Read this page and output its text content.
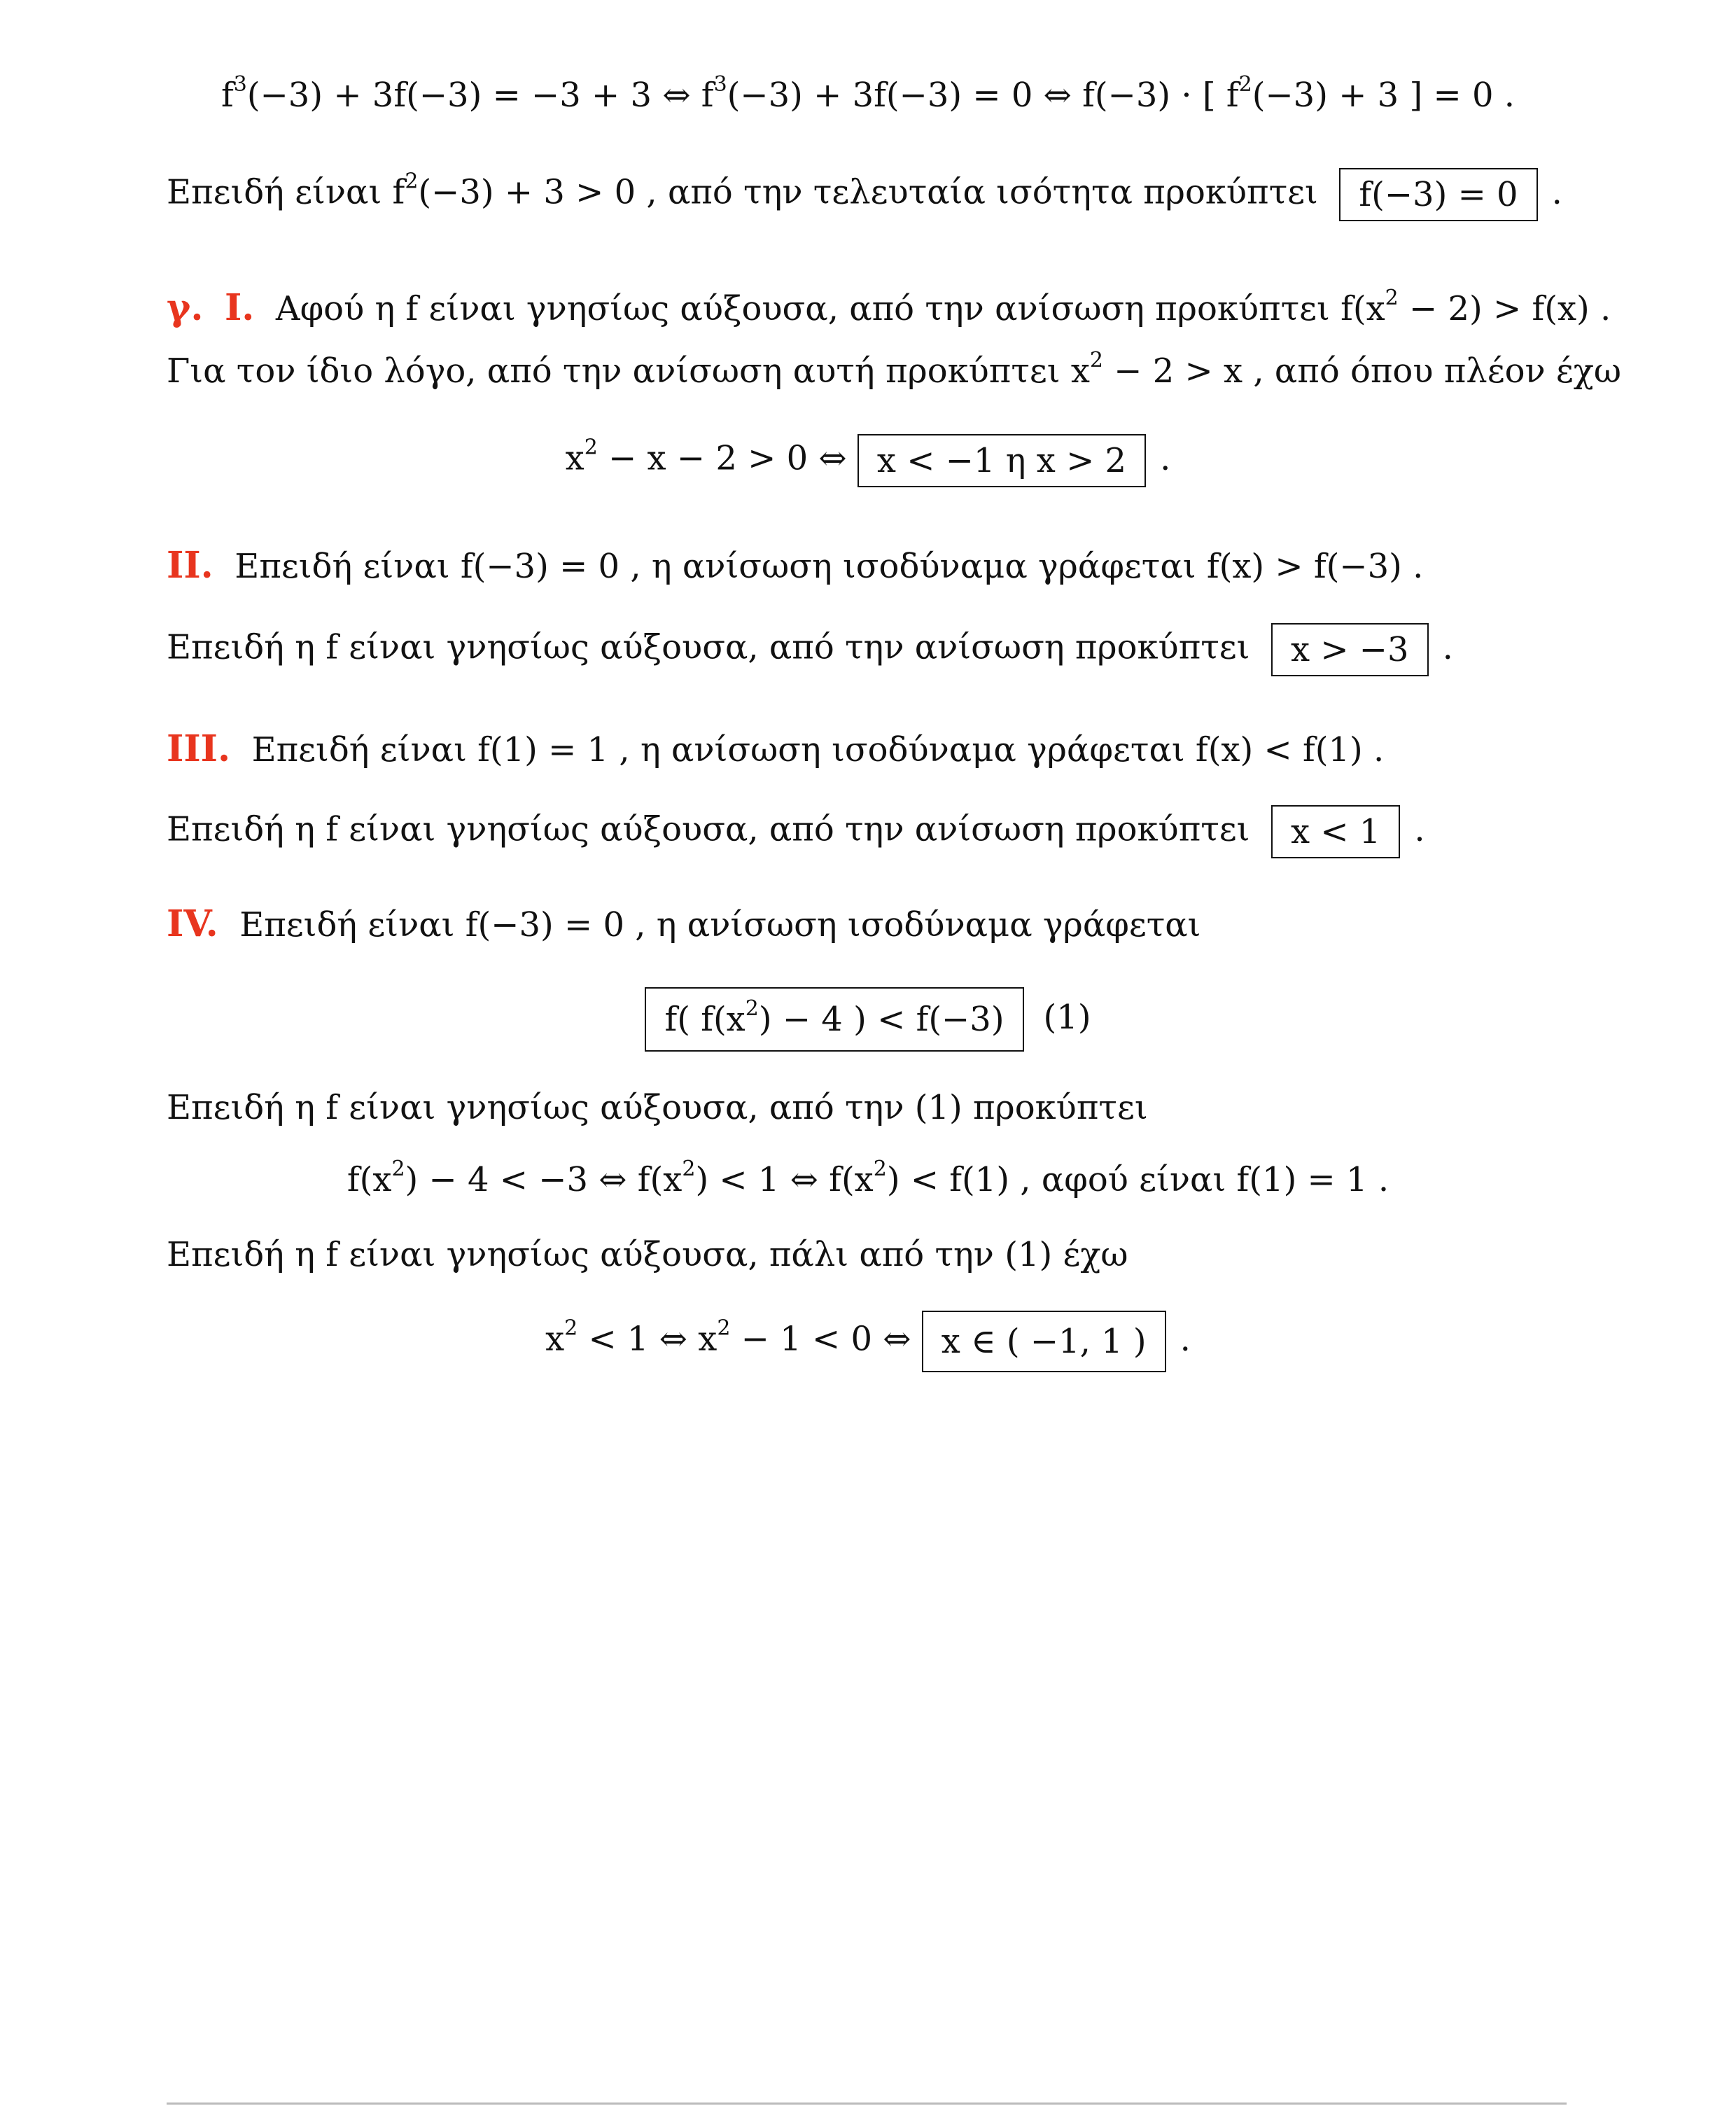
$f^3(-3) + 3f(-3) = -3 + 3$ ⇔ $f^3(-3) + 3f(-3) = 0$ ⇔ f(−3) · [ $f^2(-3) + 3$ ] = 0 .
Επειδή είναι $f^2(-3) + 3 > 0$ , από την τελευταία ισότητα προκύπτει f(−3) = 0 .
γ. I. Αφού η f είναι γνησίως αύξουσα, από την ανίσωση προκύπτει $f(x^2 - 2) > f(x)$ .
Για τον ίδιο λόγο, από την ανίσωση αυτή προκύπτει $x^2 - 2 > x$ , από όπου πλέον έχω
$x^2 - x - 2 > 0$ ⇔ x < −1 η x > 2 .
II. Επειδή είναι f(−3) = 0 , η ανίσωση ισοδύναμα γράφεται f(x) > f(−3) .
Επειδή η f είναι γνησίως αύξουσα, από την ανίσωση προκύπτει x > −3 .
III. Επειδή είναι f(1) = 1 , η ανίσωση ισοδύναμα γράφεται f(x) < f(1) .
Επειδή η f είναι γνησίως αύξουσα, από την ανίσωση προκύπτει x < 1 .
IV. Επειδή είναι f(−3) = 0 , η ανίσωση ισοδύναμα γράφεται
f( $f(x^2) - 4$ ) < f(−3) (1)
Επειδή η f είναι γνησίως αύξουσα, από την (1) προκύπτει
$f(x^2) - 4 < -3$ ⇔ $f(x^2) < 1$ ⇔ $f(x^2) < f(1)$ , αφού είναι f(1) = 1 .
Επειδή η f είναι γνησίως αύξουσα, πάλι από την (1) έχω
$x^2 < 1$ ⇔ $x^2 - 1 < 0$ ⇔ x ∈ ( −1, 1 ) .
